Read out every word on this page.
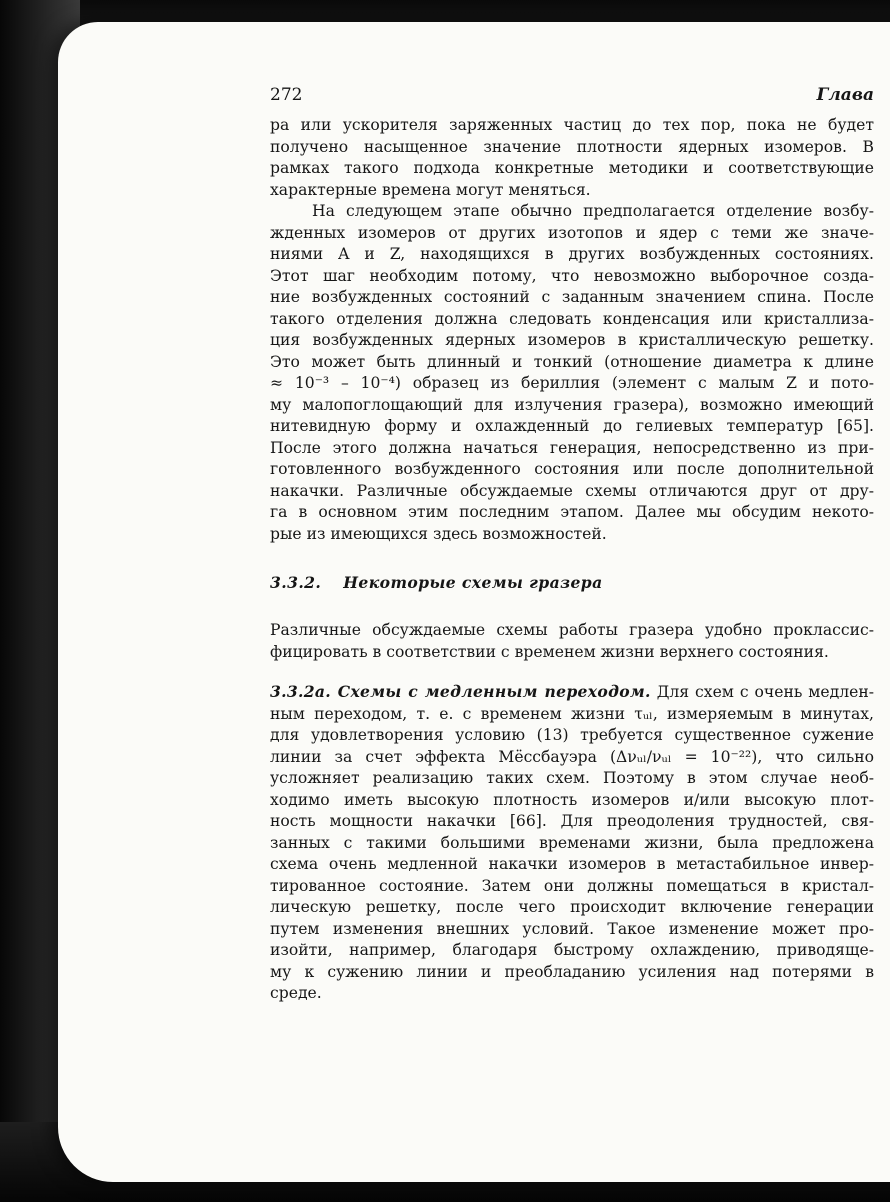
272	Глава

ра или ускорителя заряженных частиц до тех пор, пока не будет
получено насыщенное значение плотности ядерных изомеров. В
рамках такого подхода конкретные методики и соответствующие
характерные времена могут меняться.

На следующем этапе обычно предполагается отделение возбу-
жденных изомеров от других изотопов и ядер с теми же значе-
ниями A и Z, находящихся в других возбужденных состояниях.
Этот шаг необходим потому, что невозможно выборочное созда-
ние возбужденных состояний с заданным значением спина. После
такого отделения должна следовать конденсация или кристаллиза-
ция возбужденных ядерных изомеров в кристаллическую решетку.
Это может быть длинный и тонкий (отношение диаметра к длине
≈ 10⁻³ – 10⁻⁴) образец из бериллия (элемент с малым Z и пото-
му малопоглощающий для излучения гразера), возможно имеющий
нитевидную форму и охлажденный до гелиевых температур [65].
После этого должна начаться генерация, непосредственно из при-
готовленного возбужденного состояния или после дополнительной
накачки. Различные обсуждаемые схемы отличаются друг от дру-
га в основном этим последним этапом. Далее мы обсудим некото-
рые из имеющихся здесь возможностей.

3.3.2. Некоторые схемы гразера

Различные обсуждаемые схемы работы гразера удобно проклассис-
фицировать в соответствии с временем жизни верхнего состояния.

3.3.2a. Схемы с медленным переходом. Для схем с очень медлен-
ным переходом, т. е. с временем жизни τᵤₗ, измеряемым в минутах,
для удовлетворения условию (13) требуется существенное сужение
линии за счет эффекта Мёссбауэра (Δνᵤₗ/νᵤₗ = 10⁻²²), что сильно
усложняет реализацию таких схем. Поэтому в этом случае необ-
ходимо иметь высокую плотность изомеров и/или высокую плот-
ность мощности накачки [66]. Для преодоления трудностей, свя-
занных с такими большими временами жизни, была предложена
схема очень медленной накачки изомеров в метастабильное инвер-
тированное состояние. Затем они должны помещаться в кристал-
лическую решетку, после чего происходит включение генерации
путем изменения внешних условий. Такое изменение может про-
изойти, например, благодаря быстрому охлаждению, приводяще-
му к сужению линии и преобладанию усиления над потерями в
среде.
